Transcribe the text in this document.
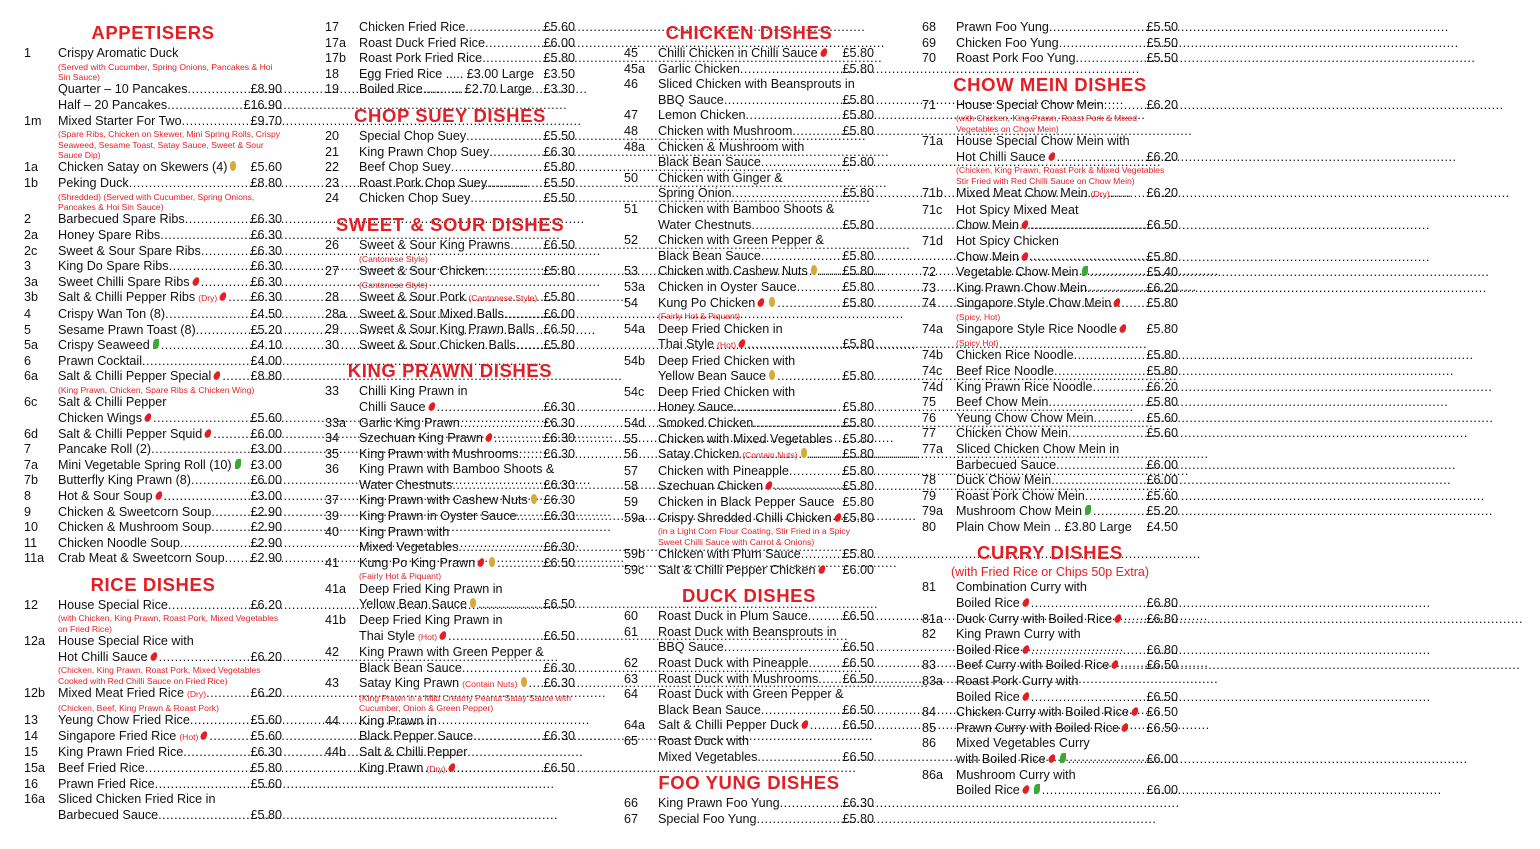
APPETISERS
1	Crispy Aromatic Duck
(Served with Cucumber, Spring Onions, Pancakes & Hoi Sin Sauce)
Quarter – 10 Pancakes .....	£8.90
Half – 20 Pancakes .....	£16.90
1m	Mixed Starter For Two .....	£9.70
(Spare Ribs, Chicken on Skewer, Mini Spring Rolls, Crispy Seaweed, Sesame Toast, Satay Sauce, Sweet & Sour Sauce Dip)
1a	Chicken Satay on Skewers (4) £5.60
1b	Peking Duck .....	£8.80
(Shredded) (Served with Cucumber, Spring Onions, Pancakes & Hoi Sin Sauce)
2	Barbecued Spare Ribs .....	£6.30
2a	Honey Spare Ribs .....	£6.30
2c	Sweet & Sour Spare Ribs .....	£6.30
3	King Do Spare Ribs .....	£6.30
3a	Sweet Chilli Spare Ribs .....	£6.30
3b	Salt & Chilli Pepper Ribs (Dry) .....	£6.30
4	Crispy Wan Ton (8) .....	£4.50
5	Sesame Prawn Toast (8) .....	£5.20
5a	Crispy Seaweed .....	£4.10
6	Prawn Cocktail .....	£4.00
6a	Salt & Chilli Pepper Special .....	£8.80
(King Prawn, Chicken, Spare Ribs & Chicken Wing)
6c	Salt & Chilli Pepper
Chicken Wings .....	£5.60
6d	Salt & Chilli Pepper Squid .....	£6.00
7	Pancake Roll (2) .....	£3.00
7a	Mini Vegetable Spring Roll (10) £3.00
7b	Butterfly King Prawn (8) .....	£6.00
8	Hot & Sour Soup .....	£3.00
9	Chicken & Sweetcorn Soup .....	£2.90
10	Chicken & Mushroom Soup .....	£2.90
11	Chicken Noodle Soup .....	£2.90
11a	Crab Meat & Sweetcorn Soup ..... £2.90
RICE DISHES
12	House Special Rice .....	£6.20
(with Chicken, King Prawn, Roast Pork, Mixed Vegetables on Fried Rice)
12a	House Special Rice with
Hot Chilli Sauce .....	£6.20
(Chicken, King Prawn, Roast Pork, Mixed Vegetables Cooked with Red Chilli Sauce on Fried Rice)
12b	Mixed Meat Fried Rice (Dry) .....	£6.20
(Chicken, Beef, King Prawn & Roast Pork)
13	Yeung Chow Fried Rice .....	£5.60
14	Singapore Fried Rice (Hot) .....	£5.60
15	King Prawn Fried Rice .....	£6.30
15a	Beef Fried Rice .....	£5.80
16	Prawn Fried Rice .....	£5.60
16a	Sliced Chicken Fried Rice in
Barbecued Sauce .....	£5.80
17	Chicken Fried Rice .....	£5.60
17a	Roast Duck Fried Rice .....	£6.00
17b	Roast Pork Fried Rice .....	£5.80
18	Egg Fried Rice ..... £3.00 Large £3.50
19	Boiled Rice........... £2.70 Large £3.30
CHOP SUEY DISHES
20	Special Chop Suey .....	£5.50
21	King Prawn Chop Suey .....	£6.30
22	Beef Chop Suey .....	£5.80
23	Roast Pork Chop Suey .....	£5.50
24	Chicken Chop Suey .....	£5.50
SWEET & SOUR DISHES
26	Sweet & Sour King Prawns .....	£6.50
(Cantonese Style)
27	Sweet & Sour Chicken .....	£5.80
(Cantonese Style)
28	Sweet & Sour Pork (Cantonese Style) £5.80
28a	Sweet & Sour Mixed Balls .....	£6.00
29	Sweet & Sour King Prawn Balls £6.50
30	Sweet & Sour Chicken Balls ..... £5.80
KING PRAWN DISHES
33	Chilli King Prawn in
Chilli Sauce .....	£6.30
33a	Garlic King Prawn .....	£6.30
34	Szechuan King Prawn .....	£6.30
35	King Prawn with Mushrooms ..... £6.30
36	King Prawn with Bamboo Shoots &
Water Chestnuts .....	£6.30
37	King Prawn with Cashew Nuts £6.30
39	King Prawn in Oyster Sauce ..... £6.30
40	King Prawn with
Mixed Vegetables .....	£6.30
41	Kung Po King Prawn .....	£6.50
(Fairly Hot & Piquant)
41a	Deep Fried King Prawn in
Yellow Bean Sauce .....	£6.50
41b	Deep Fried King Prawn in
Thai Style (Hot) .....	£6.50
42	King Prawn with Green Pepper &
Black Bean Sauce .....	£6.30
43	Satay King Prawn (Contain Nuts) ..... £6.30
(King Prawn in a Mild Creamy Peanut Satay Sauce with Cucumber, Onion & Green Pepper)
44	King Prawn in
Black Pepper Sauce .....	£6.30
44b	Salt & Chilli Pepper
King Prawn (Dry) .....	£6.50
CHICKEN DISHES
45	Chilli Chicken in Chilli Sauce £5.80
45a	Garlic Chicken .....	£5.80
46	Sliced Chicken with Beansprouts in
BBQ Sauce .....	£5.80
47	Lemon Chicken .....	£5.80
48	Chicken with Mushroom .....	£5.80
48a	Chicken & Mushroom with
Black Bean Sauce .....	£5.80
50	Chicken with Ginger &
Spring Onion .....	£5.80
51	Chicken with Bamboo Shoots &
Water Chestnuts .....	£5.80
52	Chicken with Green Pepper &
Black Bean Sauce .....	£5.80
53	Chicken with Cashew Nuts .....	£5.80
53a	Chicken in Oyster Sauce .....	£5.80
54	Kung Po Chicken .....	£5.80
(Fairly Hot & Piquant)
54a	Deep Fried Chicken in
Thai Style (Hot) .....	£5.80
54b	Deep Fried Chicken with
Yellow Bean Sauce .....	£5.80
54c	Deep Fried Chicken with
Honey Sauce .....	£5.80
54d	Smoked Chicken .....	£5.80
55	Chicken with Mixed Vegetables £5.80
56	Satay Chicken (Contain Nuts) .....	£5.80
57	Chicken with Pineapple .....	£5.80
58	Szechuan Chicken .....	£5.80
59	Chicken in Black Pepper Sauce £5.80
59a	Crispy Shredded Chilli Chicken £5.80
(in a Light Corn Flour Coating, Stir Fried in a Spicy Sweet Chilli Sauce with Carrot & Onions)
59b	Chicken with Plum Sauce .....	£5.80
59c	Salt & Chilli Pepper Chicken £6.00
DUCK DISHES
60	Roast Duck in Plum Sauce .....	£6.50
61	Roast Duck with Beansprouts in
BBQ Sauce .....	£6.50
62	Roast Duck with Pineapple .....	£6.50
63	Roast Duck with Mushrooms ..... £6.50
64	Roast Duck with Green Pepper &
Black Bean Sauce .....	£6.50
64a	Salt & Chilli Pepper Duck .....	£6.50
65	Roast Duck with
Mixed Vegetables .....	£6.50
FOO YUNG DISHES
66	King Prawn Foo Yung .....	£6.30
67	Special Foo Yung .....	£5.80
68	Prawn Foo Yung .....	£5.50
69	Chicken Foo Yung .....	£5.50
70	Roast Pork Foo Yung .....	£5.50
CHOW MEIN DISHES
71	House Special Chow Mein .....	£6.20
(with Chicken, King Prawn, Roast Pork & Mixed Vegetables on Chow Mein)
71a	House Special Chow Mein with
Hot Chilli Sauce .....	£6.20
(Chicken, King Prawn, Roast Pork & Mixed Vegetables Stir Fried with Red Chilli Sauce on Chow Mein)
71b	Mixed Meat Chow Mein (Dry) .....	£6.20
71c	Hot Spicy Mixed Meat
Chow Mein .....	£6.50
71d	Hot Spicy Chicken
Chow Mein .....	£5.80
72	Vegetable Chow Mein .....	£5.40
73	King Prawn Chow Mein .....	£6.20
74	Singapore Style Chow Mein	£5.80
(Spicy, Hot)
74a	Singapore Style Rice Noodle £5.80
(Spicy Hot)
74b	Chicken Rice Noodle .....	£5.80
74c	Beef Rice Noodle .....	£5.80
74d	King Prawn Rice Noodle .....	£6.20
75	Beef Chow Mein .....	£5.80
76	Yeung Chow Chow Mein .....	£5.60
77	Chicken Chow Mein .....	£5.60
77a	Sliced Chicken Chow Mein in
Barbecued Sauce .....	£6.00
78	Duck Chow Mein .....	£6.00
79	Roast Pork Chow Mein .....	£5.60
79a	Mushroom Chow Mein .....	£5.20
80	Plain Chow Mein .. £3.80 Large £4.50
CURRY DISHES
(with Fried Rice or Chips 50p Extra)
81	Combination Curry with
Boiled Rice .....	£6.80
81a	Duck Curry with Boiled Rice .....	£6.80
82	King Prawn Curry with
Boiled Rice .....	£6.80
83	Beef Curry with Boiled Rice .....	£6.50
83a	Roast Pork Curry with
Boiled Rice .....	£6.50
84	Chicken Curry with Boiled Rice £6.50
85	Prawn Curry with Boiled Rice £6.50
86	Mixed Vegetables Curry
with Boiled Rice .....	£6.00
86a	Mushroom Curry with
Boiled Rice .....	£6.00
